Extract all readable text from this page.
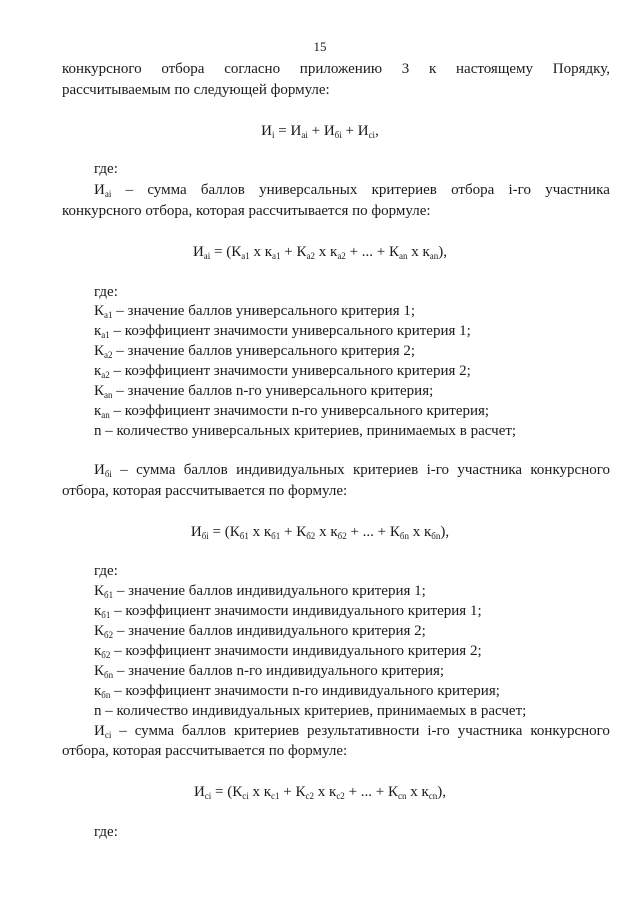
15
конкурсного отбора согласно приложению 3 к настоящему Порядку,
рассчитываемым по следующей формуле:
$И_i = И_{аi} + И_{бi} + И_{сi}$,
где:
$И_{аi}$ – сумма баллов универсальных критериев отбора i-го участника
конкурсного отбора, которая рассчитывается по формуле:
$И_{аi} = (К_{а1}$ х $к_{а1} + К_{а2}$ х $к_{а2}$ + ... + $К_{аn}$ х $к_{аn}$),
где:
$К_{а1}$ – значение баллов универсального критерия 1;
$к_{а1}$ – коэффициент значимости универсального критерия 1;
$К_{а2}$ – значение баллов универсального критерия 2;
$к_{а2}$ – коэффициент значимости универсального критерия 2;
$К_{аn}$ – значение баллов n-го универсального критерия;
$к_{аn}$ – коэффициент значимости n-го универсального критерия;
n – количество универсальных критериев, принимаемых в расчет;
$И_{бi}$ – сумма баллов индивидуальных критериев i-го участника конкурсного
отбора, которая рассчитывается по формуле:
$И_{бi} = (К_{б1}$ х $к_{б1} + К_{б2}$ х $к_{б2}$ + ... + $К_{бn}$ х $к_{бn}$),
где:
$К_{б1}$ – значение баллов индивидуального критерия 1;
$к_{б1}$ – коэффициент значимости индивидуального критерия 1;
$К_{б2}$ – значение баллов индивидуального критерия 2;
$к_{б2}$ – коэффициент значимости индивидуального критерия 2;
$К_{бn}$ – значение баллов n-го индивидуального критерия;
$к_{бn}$ – коэффициент значимости n-го индивидуального критерия;
n – количество индивидуальных критериев, принимаемых в расчет;
$И_{сi}$ – сумма баллов критериев результативности i-го участника конкурсного
отбора, которая рассчитывается по формуле:
$И_{сi} = (К_{сi}$ х $к_{с1} + К_{с2}$ х $к_{с2}$ + ... + $К_{сn}$ х $к_{сn}$),
где:
